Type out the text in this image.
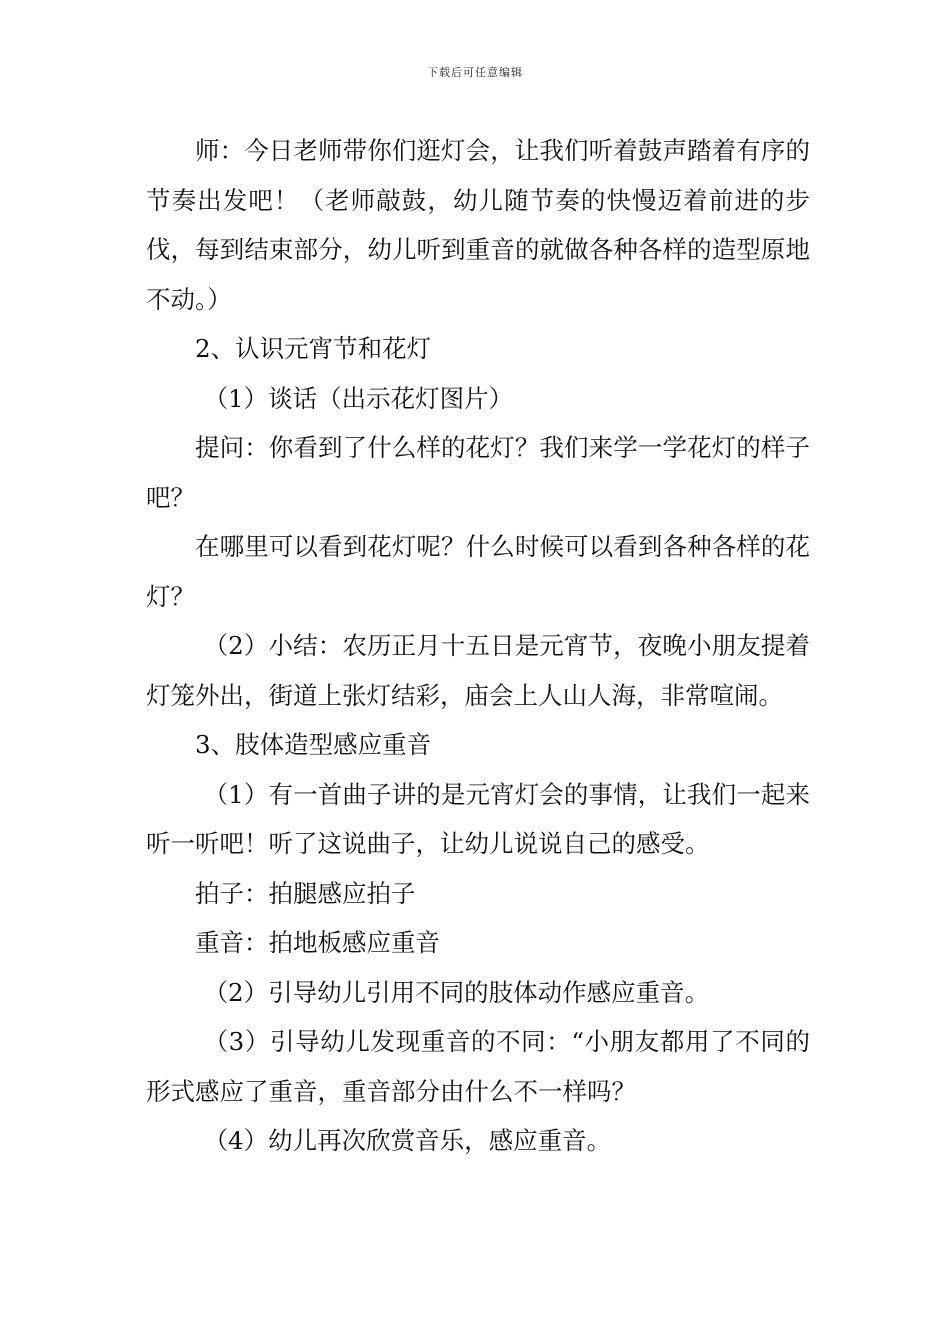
下载后可任意编辑

师：今日老师带你们逛灯会，让我们听着鼓声踏着有序的节奏出发吧！（老师敲鼓，幼儿随节奏的快慢迈着前进的步伐，每到结束部分，幼儿听到重音的就做各种各样的造型原地不动。）

2、认识元宵节和花灯

（1）谈话（出示花灯图片）

提问：你看到了什么样的花灯？我们来学一学花灯的样子吧？

在哪里可以看到花灯呢？什么时候可以看到各种各样的花灯？

（2）小结：农历正月十五日是元宵节，夜晚小朋友提着灯笼外出，街道上张灯结彩，庙会上人山人海，非常喧闹。

3、肢体造型感应重音

（1）有一首曲子讲的是元宵灯会的事情，让我们一起来听一听吧！听了这说曲子，让幼儿说说自己的感受。

拍子：拍腿感应拍子

重音：拍地板感应重音

（2）引导幼儿引用不同的肢体动作感应重音。

（3）引导幼儿发现重音的不同：“小朋友都用了不同的形式感应了重音，重音部分由什么不一样吗？

（4）幼儿再次欣赏音乐，感应重音。
